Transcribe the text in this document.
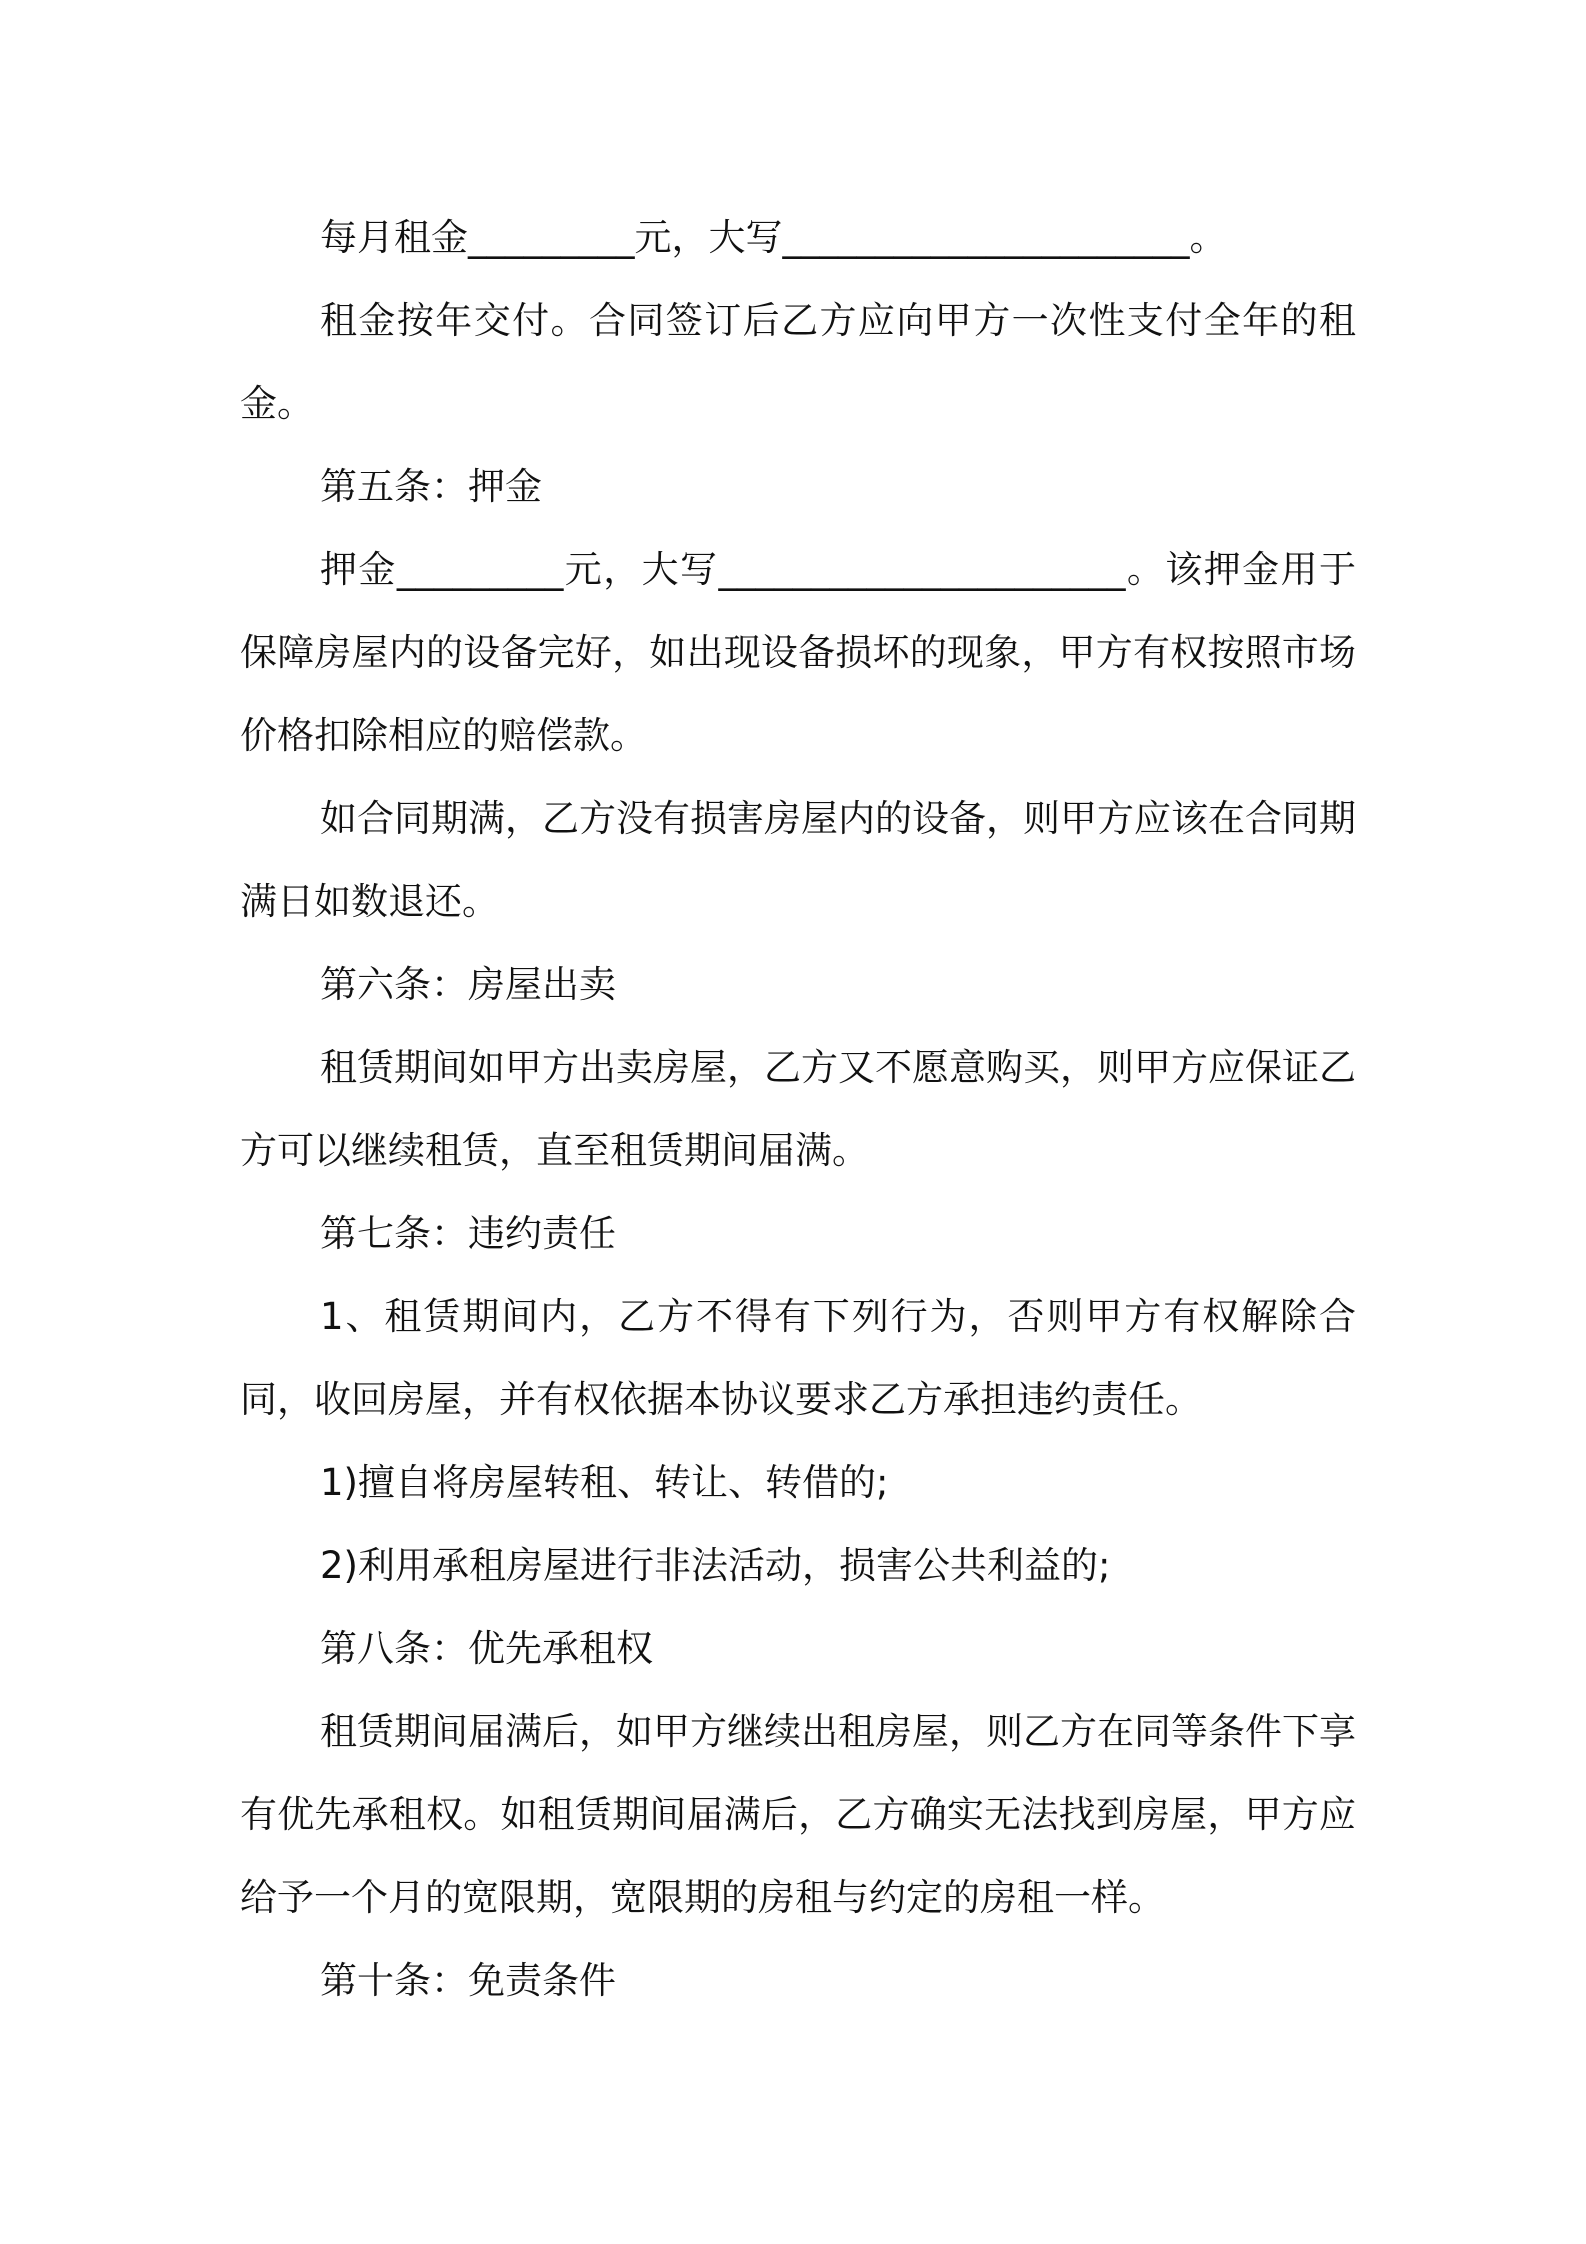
每月租金_________元，大写______________________。

租金按年交付。合同签订后乙方应向甲方一次性支付全年的租金。

第五条：押金

押金_________元，大写______________________。该押金用于保障房屋内的设备完好，如出现设备损坏的现象，甲方有权按照市场价格扣除相应的赔偿款。

如合同期满，乙方没有损害房屋内的设备，则甲方应该在合同期满日如数退还。

第六条：房屋出卖

租赁期间如甲方出卖房屋，乙方又不愿意购买，则甲方应保证乙方可以继续租赁，直至租赁期间届满。

第七条：违约责任

1、租赁期间内，乙方不得有下列行为，否则甲方有权解除合同，收回房屋，并有权依据本协议要求乙方承担违约责任。

1)擅自将房屋转租、转让、转借的;

2)利用承租房屋进行非法活动，损害公共利益的;

第八条：优先承租权

租赁期间届满后，如甲方继续出租房屋，则乙方在同等条件下享有优先承租权。如租赁期间届满后，乙方确实无法找到房屋，甲方应给予一个月的宽限期，宽限期的房租与约定的房租一样。

第十条：免责条件
